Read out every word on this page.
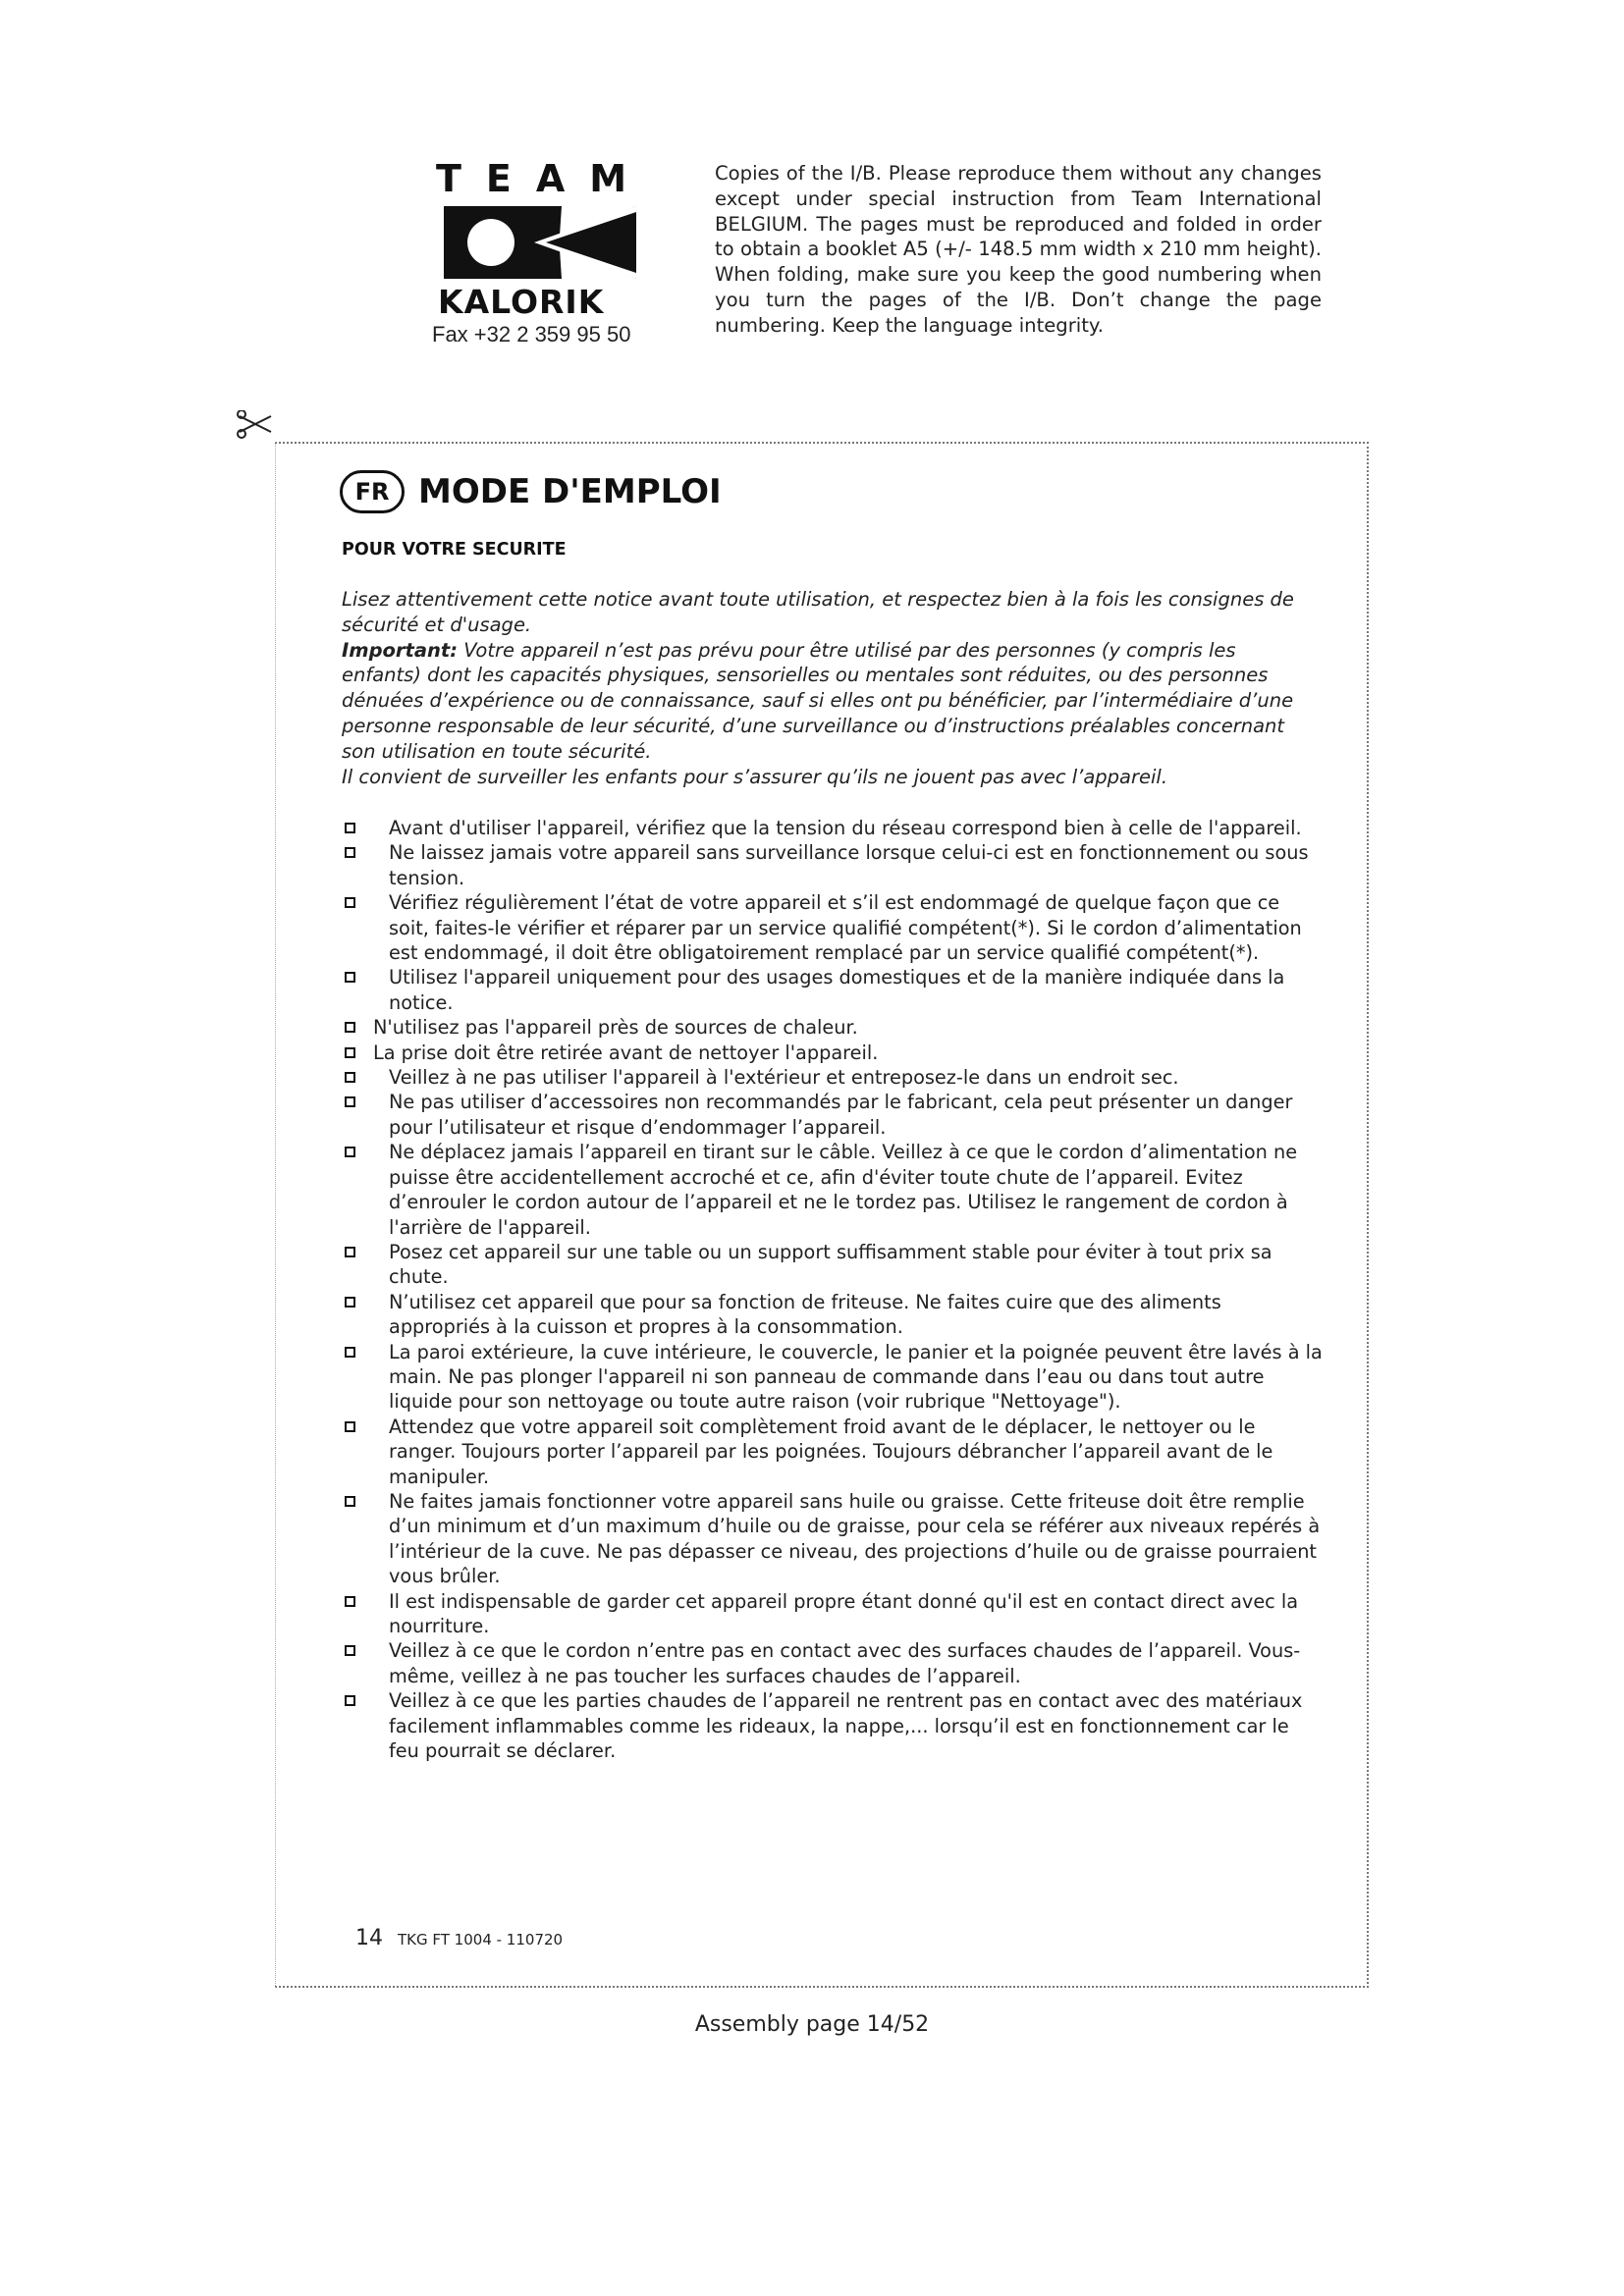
TEAM
KALORIK
Fax +32 2 359 95 50
Copies of the I/B. Please reproduce them without any changes except under special instruction from Team International BELGIUM. The pages must be reproduced and folded in order to obtain a booklet A5 (+/- 148.5 mm width x 210 mm height). When folding, make sure you keep the good numbering when you turn the pages of the I/B. Don’t change the page numbering. Keep the language integrity.
FR MODE D'EMPLOI
POUR VOTRE SECURITE
Lisez attentivement cette notice avant toute utilisation, et respectez bien à la fois les consignes de sécurité et d'usage.
Important: Votre appareil n’est pas prévu pour être utilisé par des personnes (y compris les enfants) dont les capacités physiques, sensorielles ou mentales sont réduites, ou des personnes dénuées d’expérience ou de connaissance, sauf si elles ont pu bénéficier, par l’intermédiaire d’une personne responsable de leur sécurité, d’une surveillance ou d’instructions préalables concernant son utilisation en toute sécurité.
Il convient de surveiller les enfants pour s’assurer qu’ils ne jouent pas avec l’appareil.
Avant d'utiliser l'appareil, vérifiez que la tension du réseau correspond bien à celle de l'appareil.
Ne laissez jamais votre appareil sans surveillance lorsque celui-ci est en fonctionnement ou sous tension.
Vérifiez régulièrement l’état de votre appareil et s’il est endommagé de quelque façon que ce soit, faites-le vérifier et réparer par un service qualifié compétent(*). Si le cordon d’alimentation est endommagé, il doit être obligatoirement remplacé par un service qualifié compétent(*).
Utilisez l'appareil uniquement pour des usages domestiques et de la manière indiquée dans la notice.
N'utilisez pas l'appareil près de sources de chaleur.
La prise doit être retirée avant de nettoyer l'appareil.
Veillez à ne pas utiliser l'appareil à l'extérieur et entreposez-le dans un endroit sec.
Ne pas utiliser d’accessoires non recommandés par le fabricant, cela peut présenter un danger pour l’utilisateur et risque d’endommager l’appareil.
Ne déplacez jamais l’appareil en tirant sur le câble. Veillez à ce que le cordon d’alimentation ne puisse être accidentellement accroché et ce, afin d'éviter toute chute de l’appareil. Evitez d’enrouler le cordon autour de l’appareil et ne le tordez pas. Utilisez le rangement de cordon à l'arrière de l'appareil.
Posez cet appareil sur une table ou un support suffisamment stable pour éviter à tout prix sa chute.
N’utilisez cet appareil que pour sa fonction de friteuse. Ne faites cuire que des aliments appropriés à la cuisson et propres à la consommation.
La paroi extérieure, la cuve intérieure, le couvercle, le panier et la poignée peuvent être lavés à la main. Ne pas plonger l'appareil ni son panneau de commande dans l’eau ou dans tout autre liquide pour son nettoyage ou toute autre raison (voir rubrique "Nettoyage").
Attendez que votre appareil soit complètement froid avant de le déplacer, le nettoyer ou le ranger. Toujours porter l’appareil par les poignées. Toujours débrancher l’appareil avant de le manipuler.
Ne faites jamais fonctionner votre appareil sans huile ou graisse. Cette friteuse doit être remplie d’un minimum et d’un maximum d’huile ou de graisse, pour cela se référer aux niveaux repérés à l’intérieur de la cuve. Ne pas dépasser ce niveau, des projections d’huile ou de graisse pourraient vous brûler.
Il est indispensable de garder cet appareil propre étant donné qu'il est en contact direct avec la nourriture.
Veillez à ce que le cordon n’entre pas en contact avec des surfaces chaudes de l’appareil. Vous-même, veillez à ne pas toucher les surfaces chaudes de l’appareil.
Veillez à ce que les parties chaudes de l’appareil ne rentrent pas en contact avec des matériaux facilement inflammables comme les rideaux, la nappe,... lorsqu’il est en fonctionnement car le feu pourrait se déclarer.
14 TKG FT 1004 - 110720
Assembly page 14/52
